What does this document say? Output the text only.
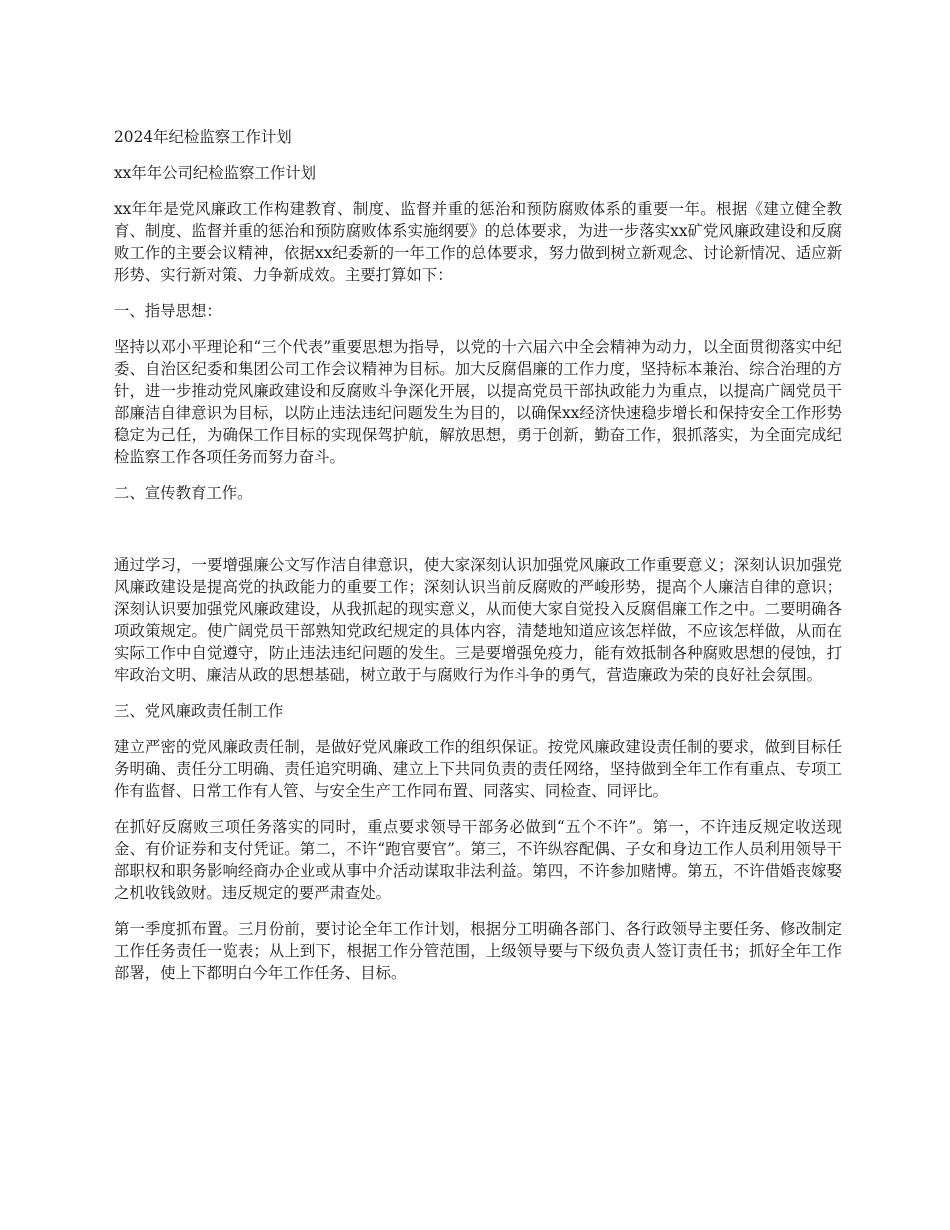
2024年纪检监察工作计划

xx年年公司纪检监察工作计划

xx年年是党风廉政工作构建教育、制度、监督并重的惩治和预防腐败体系的重要一年。根据《建立健全教育、制度、监督并重的惩治和预防腐败体系实施纲要》的总体要求，为进一步落实xx矿党风廉政建设和反腐败工作的主要会议精神，依据xx纪委新的一年工作的总体要求，努力做到树立新观念、讨论新情况、适应新形势、实行新对策、力争新成效。主要打算如下：

一、指导思想：

坚持以邓小平理论和“三个代表”重要思想为指导，以党的十六届六中全会精神为动力，以全面贯彻落实中纪委、自治区纪委和集团公司工作会议精神为目标。加大反腐倡廉的工作力度，坚持标本兼治、综合治理的方针，进一步推动党风廉政建设和反腐败斗争深化开展，以提高党员干部执政能力为重点，以提高广阔党员干部廉洁自律意识为目标，以防止违法违纪问题发生为目的，以确保xx经济快速稳步增长和保持安全工作形势稳定为己任，为确保工作目标的实现保驾护航，解放思想，勇于创新，勤奋工作，狠抓落实，为全面完成纪检监察工作各项任务而努力奋斗。

二、宣传教育工作。

通过学习，一要增强廉公文写作洁自律意识，使大家深刻认识加强党风廉政工作重要意义；深刻认识加强党风廉政建设是提高党的执政能力的重要工作；深刻认识当前反腐败的严峻形势，提高个人廉洁自律的意识；深刻认识要加强党风廉政建设，从我抓起的现实意义，从而使大家自觉投入反腐倡廉工作之中。二要明确各项政策规定。使广阔党员干部熟知党政纪规定的具体内容，清楚地知道应该怎样做，不应该怎样做，从而在实际工作中自觉遵守，防止违法违纪问题的发生。三是要增强免疫力，能有效抵制各种腐败思想的侵蚀，打牢政治文明、廉洁从政的思想基础，树立敢于与腐败行为作斗争的勇气，营造廉政为荣的良好社会氛围。

三、党风廉政责任制工作

建立严密的党风廉政责任制，是做好党风廉政工作的组织保证。按党风廉政建设责任制的要求，做到目标任务明确、责任分工明确、责任追究明确、建立上下共同负责的责任网络，坚持做到全年工作有重点、专项工作有监督、日常工作有人管、与安全生产工作同布置、同落实、同检查、同评比。

在抓好反腐败三项任务落实的同时，重点要求领导干部务必做到“五个不许”。第一，不许违反规定收送现金、有价证券和支付凭证。第二，不许“跑官要官”。第三，不许纵容配偶、子女和身边工作人员利用领导干部职权和职务影响经商办企业或从事中介活动谋取非法利益。第四，不许参加赌博。第五，不许借婚丧嫁娶之机收钱敛财。违反规定的要严肃查处。

第一季度抓布置。三月份前，要讨论全年工作计划，根据分工明确各部门、各行政领导主要任务、修改制定工作任务责任一览表；从上到下，根据工作分管范围，上级领导要与下级负责人签订责任书；抓好全年工作部署，使上下都明白今年工作任务、目标。
